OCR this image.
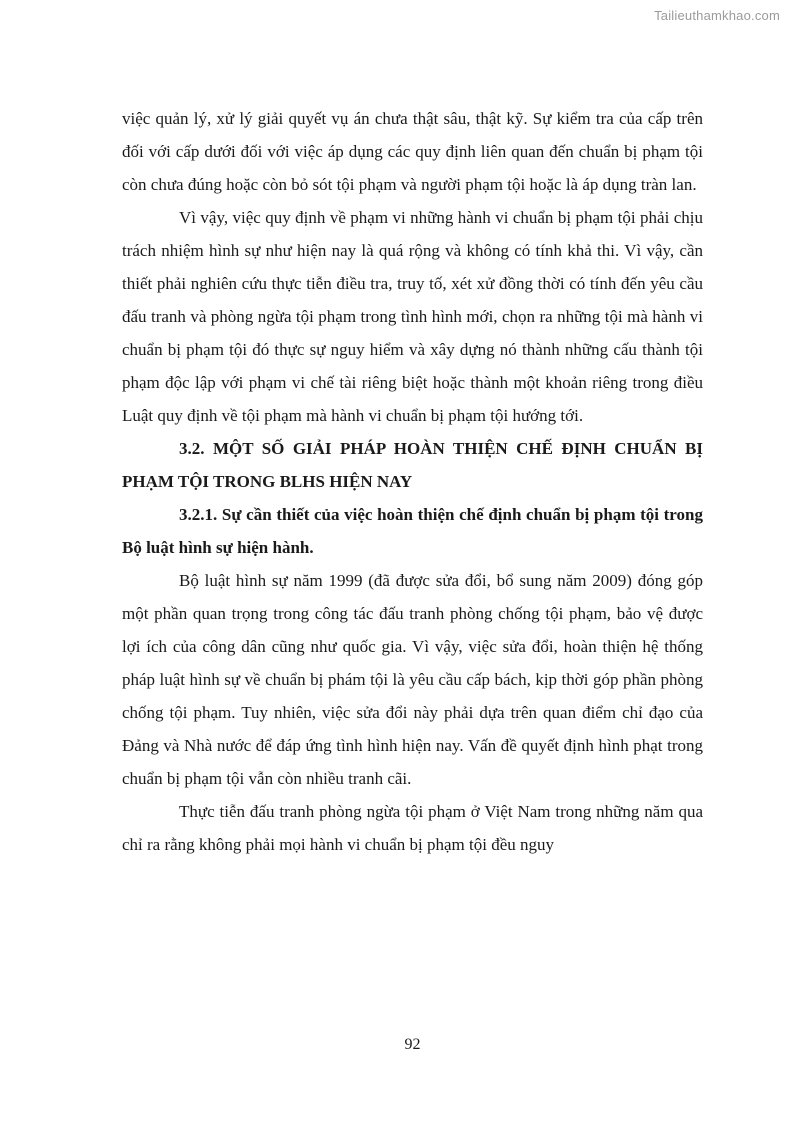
Tailieuthamkhao.com

việc quản lý, xử lý giải quyết vụ án chưa thật sâu, thật kỹ. Sự kiểm tra của cấp trên đối với cấp dưới đối với việc áp dụng các quy định liên quan đến chuẩn bị phạm tội còn chưa đúng hoặc còn bỏ sót tội phạm và người phạm tội hoặc là áp dụng tràn lan.

Vì vậy, việc quy định về phạm vi những hành vi chuẩn bị phạm tội phải chịu trách nhiệm hình sự như hiện nay là quá rộng và không có tính khả thi. Vì vậy, cần thiết phải nghiên cứu thực tiễn điều tra, truy tố, xét xử đồng thời có tính đến yêu cầu đấu tranh và phòng ngừa tội phạm trong tình hình mới, chọn ra những tội mà hành vi chuẩn bị phạm tội đó thực sự nguy hiểm và xây dựng nó thành những cấu thành tội phạm độc lập với phạm vi chế tài riêng biệt hoặc thành một khoản riêng trong điều Luật quy định về tội phạm mà hành vi chuẩn bị phạm tội hướng tới.

3.2. MỘT SỐ GIẢI PHÁP HOÀN THIỆN CHẾ ĐỊNH CHUẨN BỊ PHẠM TỘI TRONG BLHS HIỆN NAY

3.2.1. Sự cần thiết của việc hoàn thiện chế định chuẩn bị phạm tội trong Bộ luật hình sự hiện hành.

Bộ luật hình sự năm 1999 (đã được sửa đổi, bổ sung năm 2009) đóng góp một phần quan trọng trong công tác đấu tranh phòng chống tội phạm, bảo vệ được lợi ích của công dân cũng như quốc gia. Vì vậy, việc sửa đổi, hoàn thiện hệ thống pháp luật hình sự về chuẩn bị phám tội là yêu cầu cấp bách, kịp thời góp phần phòng chống tội phạm. Tuy nhiên, việc sửa đổi này phải dựa trên quan điểm chỉ đạo của Đảng và Nhà nước để đáp ứng tình hình hiện nay. Vấn đề quyết định hình phạt trong chuẩn bị phạm tội vẫn còn nhiều tranh cãi.

Thực tiễn đấu tranh phòng ngừa tội phạm ở Việt Nam trong những năm qua chỉ ra rằng không phải mọi hành vi chuẩn bị phạm tội đều nguy

92
